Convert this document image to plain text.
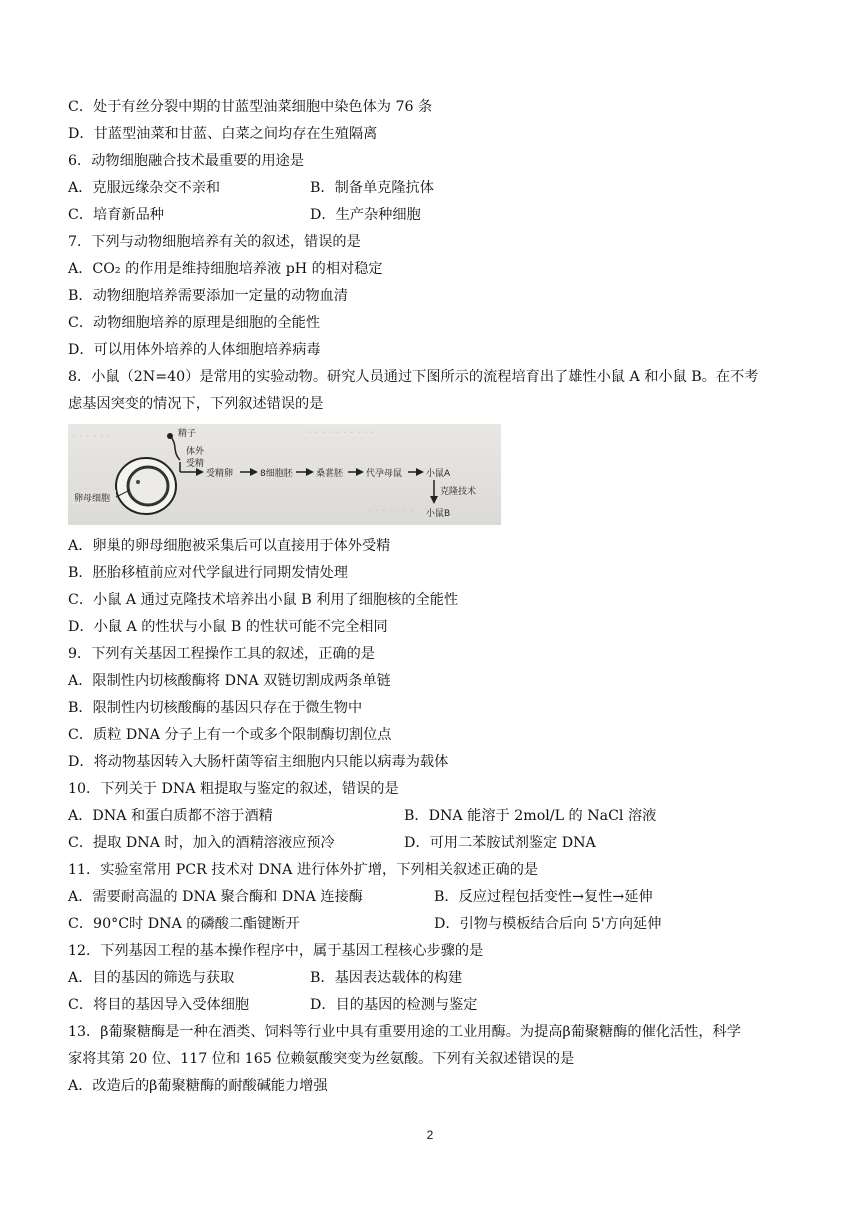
C．处于有丝分裂中期的甘蓝型油菜细胞中染色体为 76 条
D．甘蓝型油菜和甘蓝、白菜之间均存在生殖隔离
6．动物细胞融合技术最重要的用途是
A．克服远缘杂交不亲和	B．制备单克隆抗体
C．培育新品种	D．生产杂种细胞
7．下列与动物细胞培养有关的叙述，错误的是
A．CO₂ 的作用是维持细胞培养液 pH 的相对稳定
B．动物细胞培养需要添加一定量的动物血清
C．动物细胞培养的原理是细胞的全能性
D．可以用体外培养的人体细胞培养病毒
8．小鼠（2N=40）是常用的实验动物。研究人员通过下图所示的流程培育出了雄性小鼠 A 和小鼠 B。在不考
虑基因突变的情况下，下列叙述错误的是
· · · · · ·	· · · · · · · · · ·
· · · · · · ·
精子
体外
受精
受精卵	8细胞胚	桑葚胚	代孕母鼠	小鼠A
克隆技术
小鼠B
卵母细胞
A．卵巢的卵母细胞被采集后可以直接用于体外受精
B．胚胎移植前应对代学鼠进行同期发情处理
C．小鼠 A 通过克隆技术培养出小鼠 B 利用了细胞核的全能性
D．小鼠 A 的性状与小鼠 B 的性状可能不完全相同
9．下列有关基因工程操作工具的叙述，正确的是
A．限制性内切核酸酶将 DNA 双链切割成两条单链
B．限制性内切核酸酶的基因只存在于微生物中
C．质粒 DNA 分子上有一个或多个限制酶切割位点
D．将动物基因转入大肠杆菌等宿主细胞内只能以病毒为载体
10．下列关于 DNA 粗提取与鉴定的叙述，错误的是
A．DNA 和蛋白质都不溶于酒精	B．DNA 能溶于 2mol/L 的 NaCl 溶液
C．提取 DNA 时，加入的酒精溶液应预冷	D．可用二苯胺试剂鉴定 DNA
11．实验室常用 PCR 技术对 DNA 进行体外扩增，下列相关叙述正确的是
A．需要耐高温的 DNA 聚合酶和 DNA 连接酶	B．反应过程包括变性→复性→延伸
C．90°C时 DNA 的磷酸二酯键断开	D．引物与模板结合后向 5'方向延伸
12．下列基因工程的基本操作程序中，属于基因工程核心步骤的是
A．目的基因的筛选与获取	B．基因表达载体的构建
C．将目的基因导入受体细胞	D．目的基因的检测与鉴定
13．β葡聚糖酶是一种在酒类、饲料等行业中具有重要用途的工业用酶。为提高β葡聚糖酶的催化活性，科学
家将其第 20 位、117 位和 165 位赖氨酸突变为丝氨酸。下列有关叙述错误的是
A．改造后的β葡聚糖酶的耐酸碱能力增强
2
